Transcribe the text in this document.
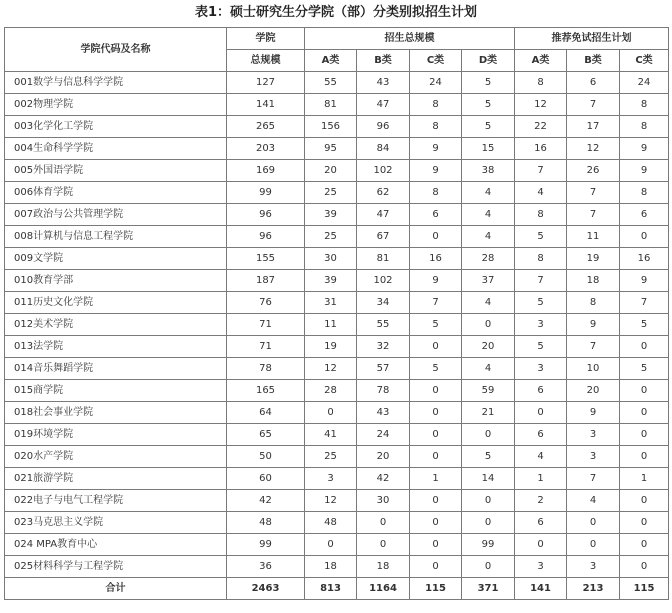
表1：硕士研究生分学院（部）分类别拟招生计划
学院代码及名称	学院	招生总规模				推荐免试招生计划		
	总规模	A类	B类	C类	D类	A类	B类	C类
001数学与信息科学学院	127	55	43	24	5	8	6	24
002物理学院	141	81	47	8	5	12	7	8
003化学化工学院	265	156	96	8	5	22	17	8
004生命科学学院	203	95	84	9	15	16	12	9
005外国语学院	169	20	102	9	38	7	26	9
006体育学院	99	25	62	8	4	4	7	8
007政治与公共管理学院	96	39	47	6	4	8	7	6
008计算机与信息工程学院	96	25	67	0	4	5	11	0
009文学院	155	30	81	16	28	8	19	16
010教育学部	187	39	102	9	37	7	18	9
011历史文化学院	76	31	34	7	4	5	8	7
012美术学院	71	11	55	5	0	3	9	5
013法学院	71	19	32	0	20	5	7	0
014音乐舞蹈学院	78	12	57	5	4	3	10	5
015商学院	165	28	78	0	59	6	20	0
018社会事业学院	64	0	43	0	21	0	9	0
019环境学院	65	41	24	0	0	6	3	0
020水产学院	50	25	20	0	5	4	3	0
021旅游学院	60	3	42	1	14	1	7	1
022电子与电气工程学院	42	12	30	0	0	2	4	0
023马克思主义学院	48	48	0	0	0	6	0	0
024 MPA教育中心	99	0	0	0	99	0	0	0
025材料科学与工程学院	36	18	18	0	0	3	3	0
合计	2463	813	1164	115	371	141	213	115
